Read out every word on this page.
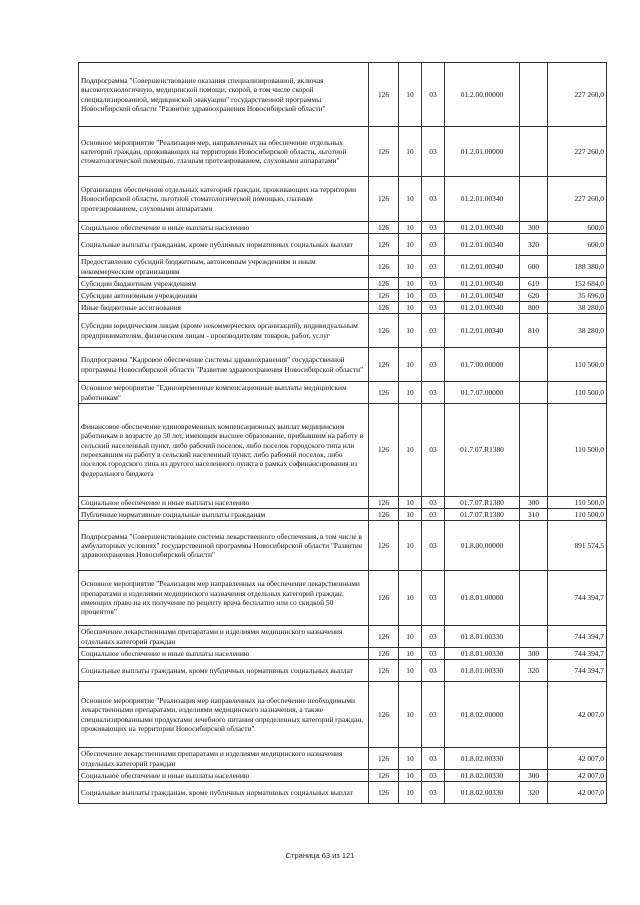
Подпрограмма "Совершенствование оказания специализированной, включая высокотехнологичную, медицинской помощи, скорой, в том числе скорой специализированной, медицинской эвакуации" государственной программы Новосибирской области "Развитие здравоохранения Новосибирской области"	126	10	03	01.2.00.00000		227 260,0
Основное мероприятие "Реализация мер, направленных на обеспечение отдельных категорий граждан, проживающих на территории Новосибирской области, льготной стоматологической помощью, глазным протезированием, слуховыми аппаратами"	126	10	03	01.2.01.00000		227 260,0
Организация обеспечения отдельных категорий граждан, проживающих на территории Новосибирской области, льготной стоматологической помощью, глазным протезированием, слуховыми аппаратами	126	10	03	01.2.01.00340		227 260,0
Социальное обеспечение и иные выплаты населению	126	10	03	01.2.01.00340	300	600,0
Социальные выплаты гражданам, кроме публичных нормативных социальных выплат	126	10	03	01.2.01.00340	320	600,0
Предоставление субсидий бюджетным, автономным учреждениям и иным некоммерческим организациям	126	10	03	01.2.01.00340	600	188 380,0
Субсидии бюджетным учреждениям	126	10	03	01.2.01.00340	610	152 684,0
Субсидии автономным учреждениям	126	10	03	01.2.01.00340	620	35 696,0
Иные бюджетные ассигнования	126	10	03	01.2.01.00340	800	38 280,0
Субсидии юридическим лицам (кроме некоммерческих организаций), индивидуальным предпринимателям, физическим лицам - производителям товаров, работ, услуг	126	10	03	01.2.01.00340	810	38 280,0
Подпрограмма "Кадровое обеспечение системы здравоохранения" государственной программы Новосибирской области "Развитие здравоохранения Новосибирской области"	126	10	03	01.7.00.00000		110 500,0
Основное мероприятие "Единовременные компенсационные выплаты медицинским работникам"	126	10	03	01.7.07.00000		110 500,0
Финансовое обеспечение единовременных компенсационных выплат медицинским работникам в возрасте до 50 лет, имеющим высшее образование, прибывшим на работу в сельский населенный пункт, либо рабочий поселок, либо поселок городского типа или переехавшим на работу в сельский населенный пункт, либо рабочий поселок, либо поселок городского типа из другого населенного пункта в рамках софинансирования из федерального бюджета	126	10	03	01.7.07.R1380		110 500,0
Социальное обеспечение и иные выплаты населению	126	10	03	01.7.07.R1380	300	110 500,0
Публичные нормативные социальные выплаты гражданам	126	10	03	01.7.07.R1380	310	110 500,0
Подпрограмма "Совершенствование системы лекарственного обеспечения, в том числе в амбулаторных условиях" государственной программы Новосибирской области "Развитие здравоохранения Новосибирской области"	126	10	03	01.8.00.00000		891 574,5
Основное мероприятие "Реализация мер направленных на обеспечение лекарственными препаратами и изделиями медицинского назначения отдельных категорий граждан, имеющих право на их получение по рецепту врача бесплатно или со скидкой 50 процентов"	126	10	03	01.8.01.00000		744 394,7
Обеспечение лекарственными препаратами и изделиями медицинского назначения отдельных категорий граждан	126	10	03	01.8.01.00330		744 394,7
Социальное обеспечение и иные выплаты населению	126	10	03	01.8.01.00330	300	744 394,7
Социальные выплаты гражданам, кроме публичных нормативных социальных выплат	126	10	03	01.8.01.00330	320	744 394,7
Основное мероприятие "Реализация мер направленных на обеспечение необходимыми лекарственными препаратами, изделиями медицинского назначения, а также специализированными продуктами лечебного питания определенных категорий граждан, проживающих на территории Новосибирской области"	126	10	03	01.8.02.00000		42 007,0
Обеспечение лекарственными препаратами и изделиями медицинского назначения отдельных категорий граждан	126	10	03	01.8.02.00330		42 007,0
Социальное обеспечение и иные выплаты населению	126	10	03	01.8.02.00330	300	42 007,0
Социальные выплаты гражданам, кроме публичных нормативных социальных выплат	126	10	03	01.8.02.00330	320	42 007,0
Страница 63 из 121
